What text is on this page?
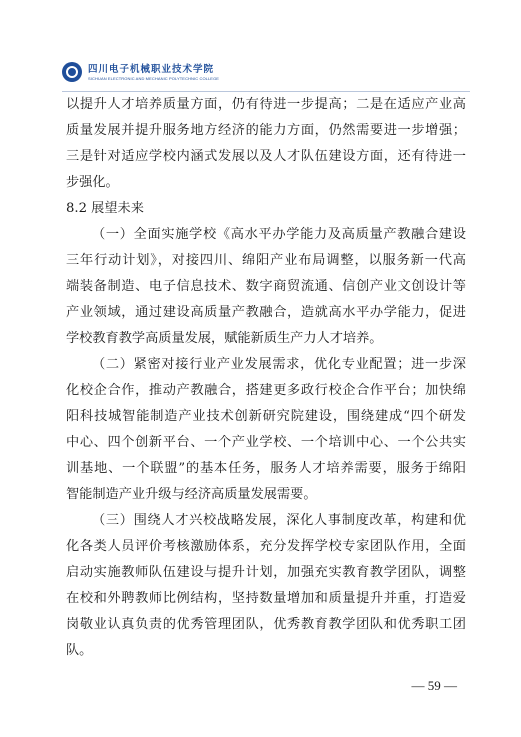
四川电子机械职业技术学院
SICHUAN ELECTRONIC AND MECHANIC POLYTECHNIC COLLEGE
以提升人才培养质量方面，仍有待进一步提高；二是在适应产业高
质量发展并提升服务地方经济的能力方面，仍然需要进一步增强；
三是针对适应学校内涵式发展以及人才队伍建设方面，还有待进一
步强化。
8.2 展望未来
（一）全面实施学校《高水平办学能力及高质量产教融合建设
三年行动计划》，对接四川、绵阳产业布局调整，以服务新一代高
端装备制造、电子信息技术、数字商贸流通、信创产业文创设计等
产业领域，通过建设高质量产教融合，造就高水平办学能力，促进
学校教育教学高质量发展，赋能新质生产力人才培养。
（二）紧密对接行业产业发展需求，优化专业配置；进一步深
化校企合作，推动产教融合，搭建更多政行校企合作平台；加快绵
阳科技城智能制造产业技术创新研究院建设，围绕建成“四个研发
中心、四个创新平台、一个产业学校、一个培训中心、一个公共实
训基地、一个联盟”的基本任务，服务人才培养需要，服务于绵阳
智能制造产业升级与经济高质量发展需要。
（三）围绕人才兴校战略发展，深化人事制度改革，构建和优
化各类人员评价考核激励体系，充分发挥学校专家团队作用，全面
启动实施教师队伍建设与提升计划，加强充实教育教学团队，调整
在校和外聘教师比例结构，坚持数量增加和质量提升并重，打造爱
岗敬业认真负责的优秀管理团队，优秀教育教学团队和优秀职工团
队。
— 59 —
